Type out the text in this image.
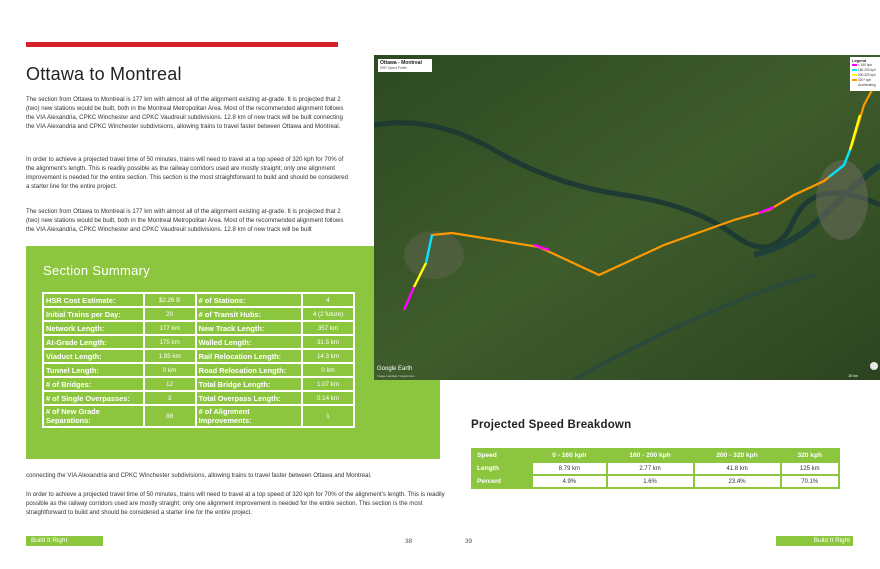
Ottawa to Montreal

The section from Ottawa to Montreal is 177 km with almost all of the alignment existing at-grade. It is projected that 2 (two) new stations would be built, both in the Montreal Metropolitan Area. Most of the recommended alignment follows the VIA Alexandria, CPKC Winchester and CPKC Vaudreuil subdivisions. 12.8 km of new track will be built connecting the VIA Alexandria and CPKC Winchester subdivisions, allowing trains to travel faster between Ottawa and Montreal.

In order to achieve a projected travel time of 50 minutes, trains will need to travel at a top speed of 320 kph for 70% of the alignment's length. This is readily possible as the railway corridors used are mostly straight; only one alignment improvement is needed for the entire section. This section is the most straightforward to build and should be considered a starter line for the entire project.

The section from Ottawa to Montreal is 177 km with almost all of the alignment existing at-grade. It is projected that 2 (two) new stations would be built, both in the Montreal Metropolitan Area. Most of the recommended alignment follows the VIA Alexandria, CPKC Winchester and CPKC Vaudreuil subdivisions. 12.8 km of new track will be built

Section Summary
HSR Cost Estimate:	$2.26 B	# of Stations:	4
Initial Trains per Day:	20	# of Transit Hubs:	4 (2 future)
Network Length:	177 km	New Track Length:	357 km
At-Grade Length:	175 km	Walled Length:	31.5 km
Viaduct Length:	1.95 km	Rail Relocation Length:	14.3 km
Tunnel Length:	0 km	Road Relocation Length:	0 km
# of Bridges:	12	Total Bridge Length:	1.07 km
# of Single Overpasses:	3	Total Overpass Length:	0.14 km
# of New Grade Separations:	88	# of Alignment Improvements:	1

connecting the VIA Alexandria and CPKC Winchester subdivisions, allowing trains to travel faster between Ottawa and Montreal.

In order to achieve a projected travel time of 50 minutes, trains will need to travel at a top speed of 320 kph for 70% of the alignment's length. This is readily possible as the railway corridors used are mostly straight; only one alignment improvement is needed for the entire section. This section is the most straightforward to build and should be considered a starter line for the entire project.

Build It Right	38
Ottawa - Montreal
HSR Speed Profile
Legend
< 160 kph
160-200 kph
200-320 kph
320+ kph
Accelerating
Google Earth
Image Landsat / Copernicus	20 km
Projected Speed Breakdown
Speed	0 - 160 kph	160 - 200 kph	200 - 320 kph	320 kph
Length	8.79 km	2.77 km	41.8 km	125 km
Percent	4.9%	1.6%	23.4%	70.1%
39	Build It Right
